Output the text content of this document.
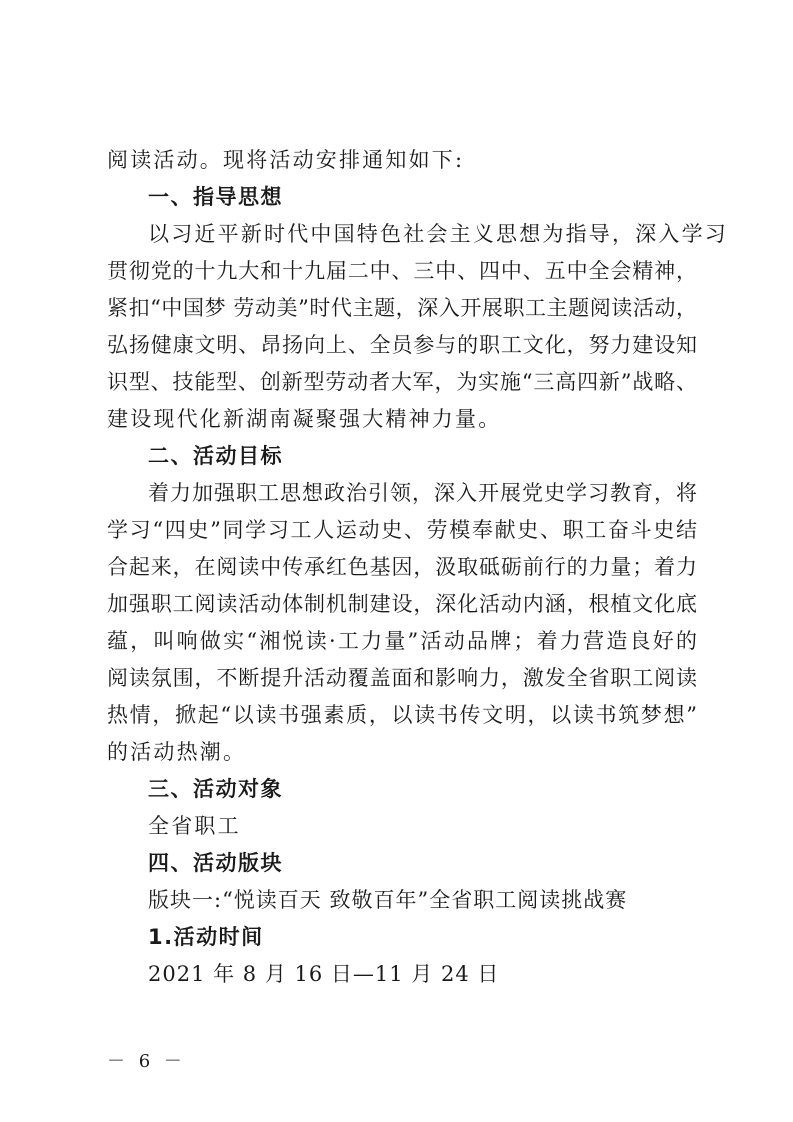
阅读活动。现将活动安排通知如下:
一、指导思想
以习近平新时代中国特色社会主义思想为指导，深入学习
贯彻党的十九大和十九届二中、三中、四中、五中全会精神，
紧扣“中国梦 劳动美”时代主题，深入开展职工主题阅读活动，
弘扬健康文明、昂扬向上、全员参与的职工文化，努力建设知
识型、技能型、创新型劳动者大军，为实施“三高四新”战略、
建设现代化新湖南凝聚强大精神力量。
二、活动目标
着力加强职工思想政治引领，深入开展党史学习教育，将
学习“四史”同学习工人运动史、劳模奉献史、职工奋斗史结
合起来，在阅读中传承红色基因，汲取砥砺前行的力量；着力
加强职工阅读活动体制机制建设，深化活动内涵，根植文化底
蕴，叫响做实“湘悦读·工力量”活动品牌；着力营造良好的
阅读氛围，不断提升活动覆盖面和影响力，激发全省职工阅读
热情，掀起“以读书强素质，以读书传文明，以读书筑梦想”
的活动热潮。
三、活动对象
全省职工
四、活动版块
版块一:“悦读百天 致敬百年”全省职工阅读挑战赛
1.活动时间
2021 年 8 月 16 日—11 月 24 日
－ 6 －
